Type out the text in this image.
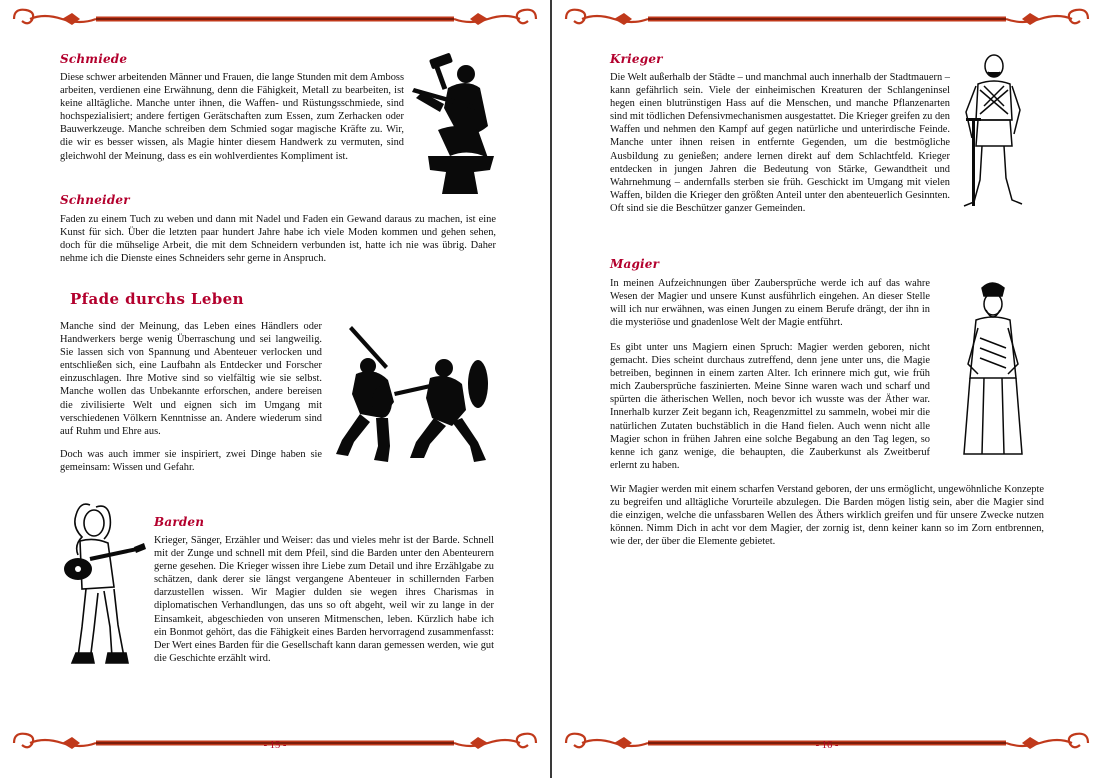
Schmiede
Diese schwer arbeitenden Männer und Frauen, die lange Stunden mit dem Amboss arbeiten, verdienen eine Erwähnung, denn die Fähigkeit, Metall zu bearbeiten, ist keine alltägliche. Manche unter ihnen, die Waffen- und Rüstungsschmiede, sind hochspezialisiert; andere fertigen Gerätschaften zum Essen, zum Zerhacken oder Bauwerkzeuge. Manche schreiben dem Schmied sogar magische Kräfte zu. Wir, die wir es besser wissen, als Magie hinter diesem Handwerk zu vermuten, sind gleichwohl der Meinung, dass es ein wohlverdientes Kompliment ist.
Schneider
Faden zu einem Tuch zu weben und dann mit Nadel und Faden ein Gewand daraus zu machen, ist eine Kunst für sich. Über die letzten paar hundert Jahre habe ich viele Moden kommen und gehen sehen, doch für die mühselige Arbeit, die mit dem Schneidern verbunden ist, hatte ich nie was übrig. Daher nehme ich die Dienste eines Schneiders sehr gerne in Anspruch.
Pfade durchs Leben
Manche sind der Meinung, das Leben eines Händlers oder Handwerkers berge wenig Überraschung und sei langweilig. Sie lassen sich von Spannung und Abenteuer verlocken und entschließen sich, eine Laufbahn als Entdecker und Forscher einzuschlagen. Ihre Motive sind so vielfältig wie sie selbst. Manche wollen das Unbekannte erforschen, andere bereisen die zivilisierte Welt und eignen sich im Umgang mit verschiedenen Völkern Kenntnisse an. Andere wiederum sind auf Ruhm und Ehre aus.
Doch was auch immer sie inspiriert, zwei Dinge haben sie gemeinsam: Wissen und Gefahr.
Barden
Krieger, Sänger, Erzähler und Weiser: das und vieles mehr ist der Barde. Schnell mit der Zunge und schnell mit dem Pfeil, sind die Barden unter den Abenteurern gerne gesehen. Die Krieger wissen ihre Liebe zum Detail und ihre Erzählgabe zu schätzen, dank derer sie längst vergangene Abenteuer in schillernden Farben darzustellen wissen. Wir Magier dulden sie wegen ihres Charismas in diplomatischen Verhandlungen, das uns so oft abgeht, weil wir zu lange in der Einsamkeit, abgeschieden von unseren Mitmenschen, leben. Kürzlich habe ich ein Bonmot gehört, das die Fähigkeit eines Barden hervorragend zusammenfasst: Der Wert eines Barden für die Gesellschaft kann daran gemessen werden, wie gut die Geschichte erzählt wird.
- 15 -
Krieger
Die Welt außerhalb der Städte – und manchmal auch innerhalb der Stadtmauern – kann gefährlich sein. Viele der einheimischen Kreaturen der Schlangeninsel hegen einen blutrünstigen Hass auf die Menschen, und manche Pflanzenarten sind mit tödlichen Defensivmechanismen ausgestattet. Die Krieger greifen zu den Waffen und nehmen den Kampf auf gegen natürliche und unterirdische Feinde. Manche unter ihnen reisen in entfernte Gegenden, um die bestmögliche Ausbildung zu genießen; andere lernen direkt auf dem Schlachtfeld. Krieger entdecken in jungen Jahren die Bedeutung von Stärke, Gewandtheit und Wahrnehmung – andernfalls sterben sie früh. Geschickt im Umgang mit vielen Waffen, bilden die Krieger den größten Anteil unter den abenteuerlich Gesinnten. Oft sind sie die Beschützer ganzer Gemeinden.
Magier
In meinen Aufzeichnungen über Zaubersprüche werde ich auf das wahre Wesen der Magier und unsere Kunst ausführlich eingehen. An dieser Stelle will ich nur erwähnen, was einen Jungen zu einem Berufe drängt, der ihn in die mysteriöse und gnadenlose Welt der Magie entführt.
Es gibt unter uns Magiern einen Spruch: Magier werden geboren, nicht gemacht. Dies scheint durchaus zutreffend, denn jene unter uns, die Magie betreiben, beginnen in einem zarten Alter. Ich erinnere mich gut, wie früh mich Zaubersprüche faszinierten. Meine Sinne waren wach und scharf und spürten die ätherischen Wellen, noch bevor ich wusste was der Äther war. Innerhalb kurzer Zeit begann ich, Reagenzmittel zu sammeln, wobei mir die natürlichen Zutaten buchstäblich in die Hand fielen. Auch wenn nicht alle Magier schon in frühen Jahren eine solche Begabung an den Tag legen, so kenne ich ganz wenige, die behaupten, die Zauberkunst als Zweitberuf erlernt zu haben.
Wir Magier werden mit einem scharfen Verstand geboren, der uns ermöglicht, ungewöhnliche Konzepte zu begreifen und alltägliche Vorurteile abzulegen. Die Barden mögen listig sein, aber die Magier sind die einzigen, welche die unfassbaren Wellen des Äthers wirklich greifen und für unsere Zwecke nutzen können. Nimm Dich in acht vor dem Magier, der zornig ist, denn keiner kann so im Zorn entbrennen, wie der, der über die Elemente gebietet.
- 16 -
